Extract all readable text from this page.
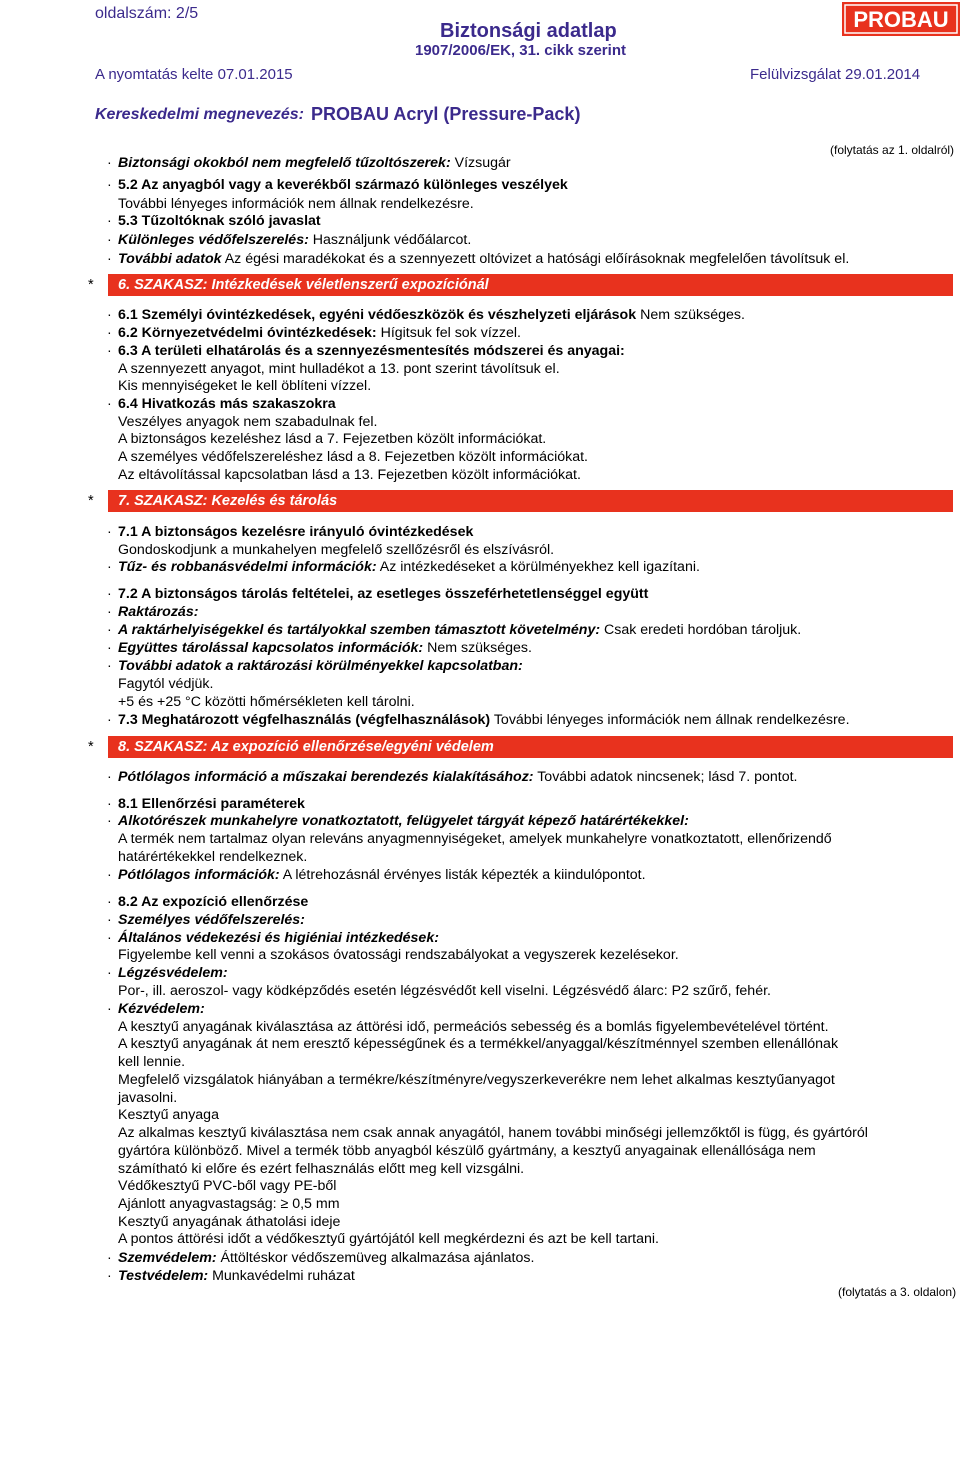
oldalszám: 2/5
Biztonsági adatlap
1907/2006/EK, 31. cikk szerint
A nyomtatás kelte 07.01.2015	Felülvizsgálat 29.01.2014
Kereskedelmi megnevezés: PROBAU Acryl (Pressure-Pack)
PROBAU
(folytatás az 1. oldalról)
· Biztonsági okokból nem megfelelő tűzoltószerek: Vízsugár
· 5.2 Az anyagból vagy a keverékből származó különleges veszélyek
További lényeges információk nem állnak rendelkezésre.
· 5.3 Tűzoltóknak szóló javaslat
· Különleges védőfelszerelés: Használjunk védőálarcot.
· További adatok Az égési maradékokat és a szennyezett oltóvizet a hatósági előírásoknak megfelelően távolítsuk el.
* 6. SZAKASZ: Intézkedések véletlenszerű expozíciónál
· 6.1 Személyi óvintézkedések, egyéni védőeszközök és vészhelyzeti eljárások Nem szükséges.
· 6.2 Környezetvédelmi óvintézkedések: Hígitsuk fel sok vízzel.
· 6.3 A területi elhatárolás és a szennyezésmentesítés módszerei és anyagai:
A szennyezett anyagot, mint hulladékot a 13. pont szerint távolítsuk el.
Kis mennyiségeket le kell öblíteni vízzel.
· 6.4 Hivatkozás más szakaszokra
Veszélyes anyagok nem szabadulnak fel.
A biztonságos kezeléshez lásd a 7. Fejezetben közölt információkat.
A személyes védőfelszereléshez lásd a 8. Fejezetben közölt információkat.
Az eltávolítással kapcsolatban lásd a 13. Fejezetben közölt információkat.
* 7. SZAKASZ: Kezelés és tárolás
· 7.1 A biztonságos kezelésre irányuló óvintézkedések
Gondoskodjunk a munkahelyen megfelelő szellőzésről és elszívásról.
· Tűz- és robbanásvédelmi információk: Az intézkedéseket a körülményekhez kell igazítani.
· 7.2 A biztonságos tárolás feltételei, az esetleges összeférhetetlenséggel együtt
· Raktározás:
· A raktárhelyiségekkel és tartályokkal szemben támasztott követelmény: Csak eredeti hordóban tároljuk.
· Együttes tárolással kapcsolatos információk: Nem szükséges.
· További adatok a raktározási körülményekkel kapcsolatban:
Fagytól védjük.
+5 és +25 °C közötti hőmérsékleten kell tárolni.
· 7.3 Meghatározott végfelhasználás (végfelhasználások) További lényeges információk nem állnak rendelkezésre.
* 8. SZAKASZ: Az expozíció ellenőrzése/egyéni védelem
· Pótlólagos információ a műszakai berendezés kialakításához: További adatok nincsenek; lásd 7. pontot.
· 8.1 Ellenőrzési paraméterek
· Alkotórészek munkahelyre vonatkoztatott, felügyelet tárgyát képező határértékekkel:
A termék nem tartalmaz olyan releváns anyagmennyiségeket, amelyek munkahelyre vonatkoztatott, ellenőrizendő
határértékekkel rendelkeznek.
· Pótlólagos információk: A létrehozásnál érvényes listák képezték a kiindulópontot.
· 8.2 Az expozíció ellenőrzése
· Személyes védőfelszerelés:
· Általános védekezési és higiéniai intézkedések:
Figyelembe kell venni a szokásos óvatossági rendszabályokat a vegyszerek kezelésekor.
· Légzésvédelem:
Por-, ill. aeroszol- vagy ködképződés esetén légzésvédőt kell viselni. Légzésvédő álarc: P2 szűrő, fehér.
· Kézvédelem:
A kesztyű anyagának kiválasztása az áttörési idő, permeációs sebesség és a bomlás figyelembevételével történt.
A kesztyű anyagának át nem eresztő képességűnek és a termékkel/anyaggal/készítménnyel szemben ellenállónak
kell lennie.
Megfelelő vizsgálatok hiányában a termékre/készítményre/vegyszerkeverékre nem lehet alkalmas kesztyűanyagot
javasolni.
Kesztyű anyaga
Az alkalmas kesztyű kiválasztása nem csak annak anyagától, hanem további minőségi jellemzőktől is függ, és gyártóról
gyártóra különböző. Mivel a termék több anyagból készülő gyártmány, a kesztyű anyagainak ellenállósága nem
számítható ki előre és ezért felhasználás előtt meg kell vizsgálni.
Védőkesztyű PVC-ből vagy PE-ből
Ajánlott anyagvastagság: ≥ 0,5 mm
Kesztyű anyagának áthatolási ideje
A pontos áttörési időt a védőkesztyű gyártójától kell megkérdezni és azt be kell tartani.
· Szemvédelem: Áttöltéskor védőszemüveg alkalmazása ajánlatos.
· Testvédelem: Munkavédelmi ruházat
(folytatás a 3. oldalon)
